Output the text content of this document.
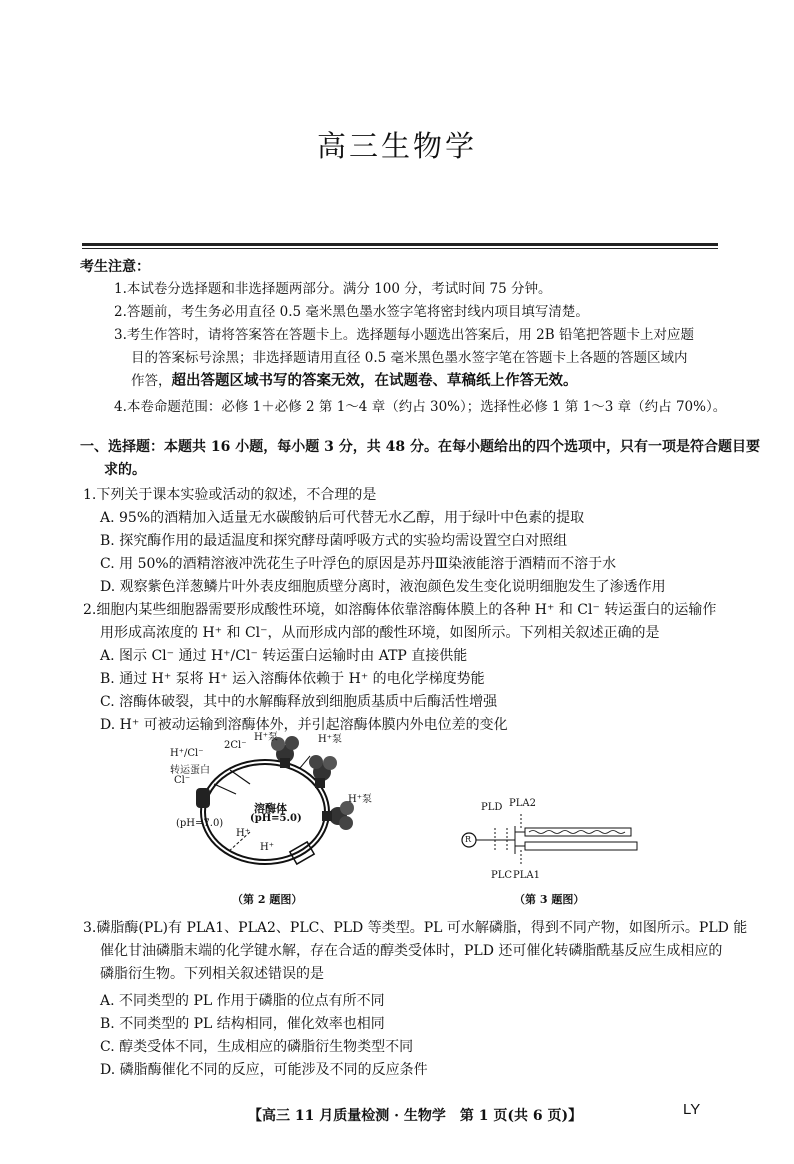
高三生物学
考生注意：
1.本试卷分选择题和非选择题两部分。满分 100 分，考试时间 75 分钟。
2.答题前，考生务必用直径 0.5 毫米黑色墨水签字笔将密封线内项目填写清楚。
3.考生作答时，请将答案答在答题卡上。选择题每小题选出答案后，用 2B 铅笔把答题卡上对应题
目的答案标号涂黑；非选择题请用直径 0.5 毫米黑色墨水签字笔在答题卡上各题的答题区域内
作答，超出答题区域书写的答案无效，在试题卷、草稿纸上作答无效。
4.本卷命题范围：必修 1＋必修 2 第 1～4 章（约占 30%）；选择性必修 1 第 1～3 章（约占 70%）。
一、选择题：本题共 16 小题，每小题 3 分，共 48 分。在每小题给出的四个选项中，只有一项是符合题目要
求的。
1.下列关于课本实验或活动的叙述，不合理的是
A. 95%的酒精加入适量无水碳酸钠后可代替无水乙醇，用于绿叶中色素的提取
B. 探究酶作用的最适温度和探究酵母菌呼吸方式的实验均需设置空白对照组
C. 用 50%的酒精溶液冲洗花生子叶浮色的原因是苏丹Ⅲ染液能溶于酒精而不溶于水
D. 观察紫色洋葱鳞片叶外表皮细胞质壁分离时，液泡颜色发生变化说明细胞发生了渗透作用
2.细胞内某些细胞器需要形成酸性环境，如溶酶体依靠溶酶体膜上的各种 H⁺ 和 Cl⁻ 转运蛋白的运输作
用形成高浓度的 H⁺ 和 Cl⁻，从而形成内部的酸性环境，如图所示。下列相关叙述正确的是
A. 图示 Cl⁻ 通过 H⁺/Cl⁻ 转运蛋白运输时由 ATP 直接供能
B. 通过 H⁺ 泵将 H⁺ 运入溶酶体依赖于 H⁺ 的电化学梯度势能
C. 溶酶体破裂，其中的水解酶释放到细胞质基质中后酶活性增强
D. H⁺ 可被动运输到溶酶体外，并引起溶酶体膜内外电位差的变化
H⁺/Cl⁻
转运蛋白
Cl⁻
2Cl⁻
H⁺泵	H⁺泵
H⁺泵
溶酶体
(pH=5.0)
(pH=7.0)
H⁺
H⁺
（第 2 题图）
R
PLD PLA2
PLC PLA1
（第 3 题图）
3.磷脂酶(PL)有 PLA1、PLA2、PLC、PLD 等类型。PL 可水解磷脂，得到不同产物，如图所示。PLD 能
催化甘油磷脂末端的化学键水解，存在合适的醇类受体时，PLD 还可催化转磷脂酰基反应生成相应的
磷脂衍生物。下列相关叙述错误的是
A. 不同类型的 PL 作用于磷脂的位点有所不同
B. 不同类型的 PL 结构相同，催化效率也相同
C. 醇类受体不同，生成相应的磷脂衍生物类型不同
D. 磷脂酶催化不同的反应，可能涉及不同的反应条件
【高三 11 月质量检测 · 生物学　第 1 页(共 6 页)】	LY
